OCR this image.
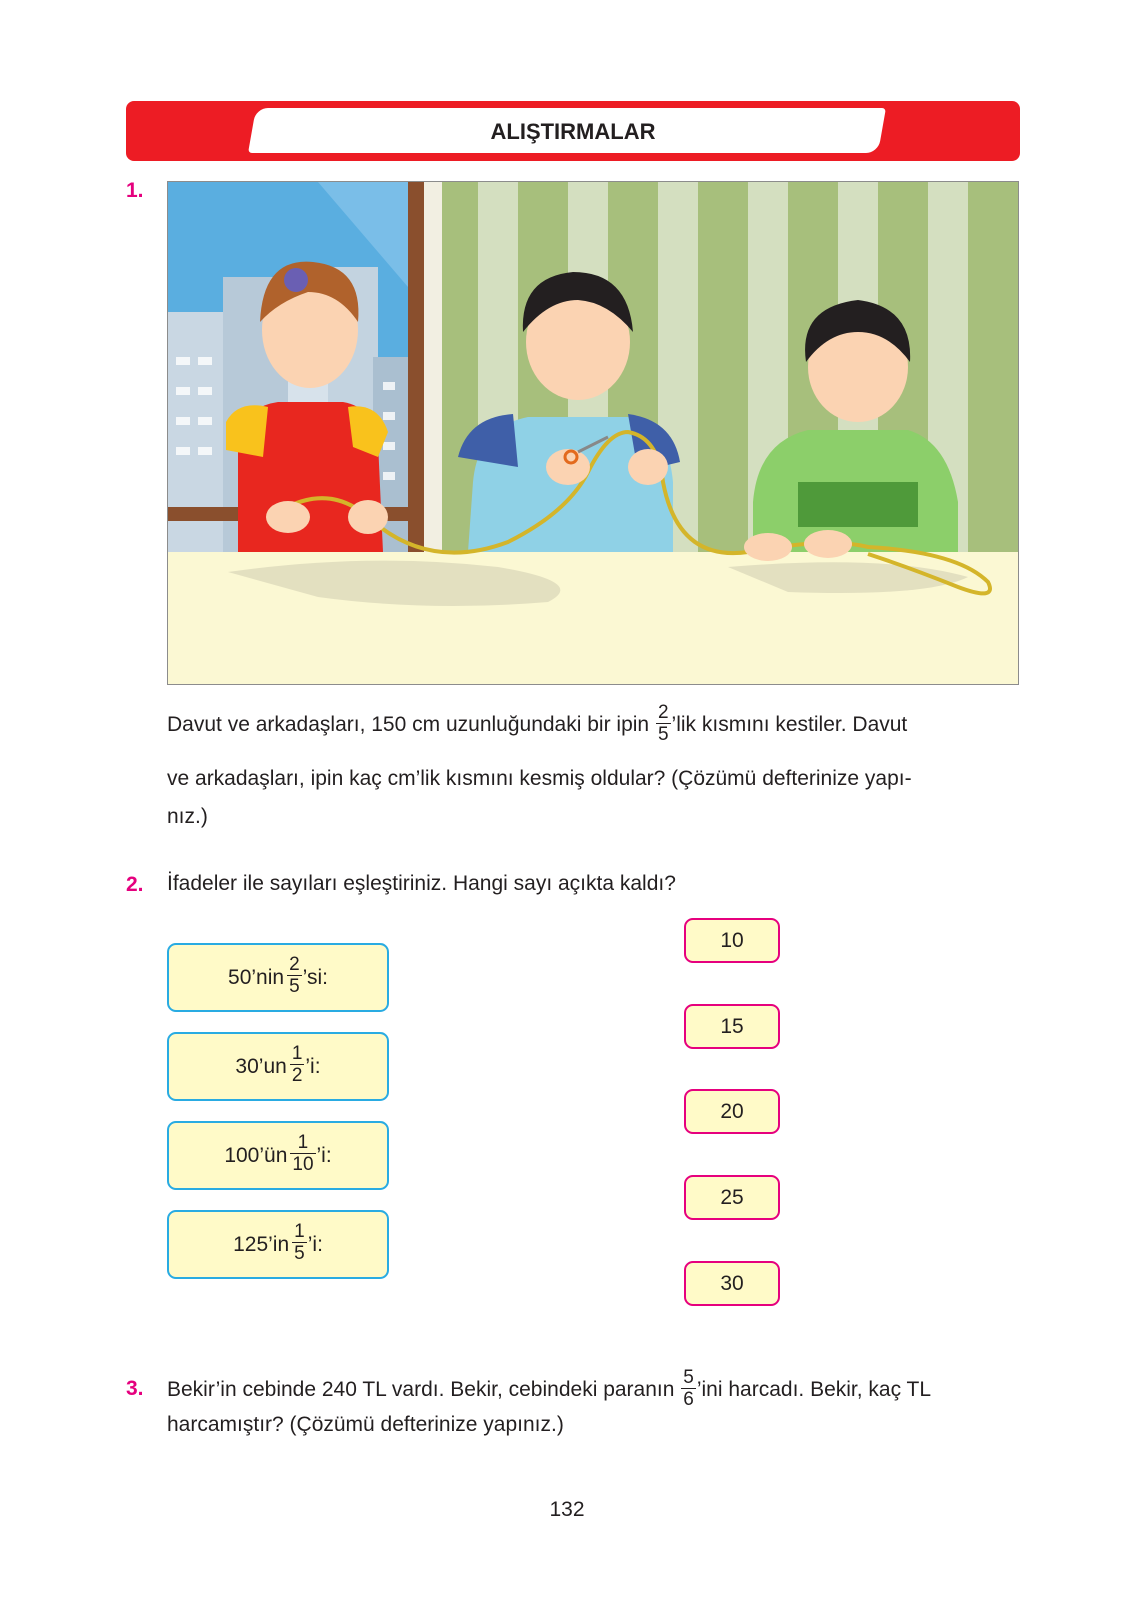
ALIŞTIRMALAR
1.
Davut ve arkadaşları, 150 cm uzunluğundaki bir ipin $\frac{2}{5}$ ’lik kısmını kestiler. Davut
ve arkadaşları, ipin kaç cm’lik kısmını kesmiş oldular? (Çözümü defterinize yapı-
nız.)
2. İfadeler ile sayıları eşleştiriniz. Hangi sayı açıkta kaldı?
50’nin $\frac{2}{5}$ ’si:
30’un $\frac{1}{2}$ ’i:
100’ün $\frac{1}{10}$ ’i:
125’in $\frac{1}{5}$ ’i:
10
15
20
25
30
3. Bekir’in cebinde 240 TL vardı. Bekir, cebindeki paranın $\frac{5}{6}$ ’ini harcadı. Bekir, kaç TL
harcamıştır? (Çözümü defterinize yapınız.)
132
